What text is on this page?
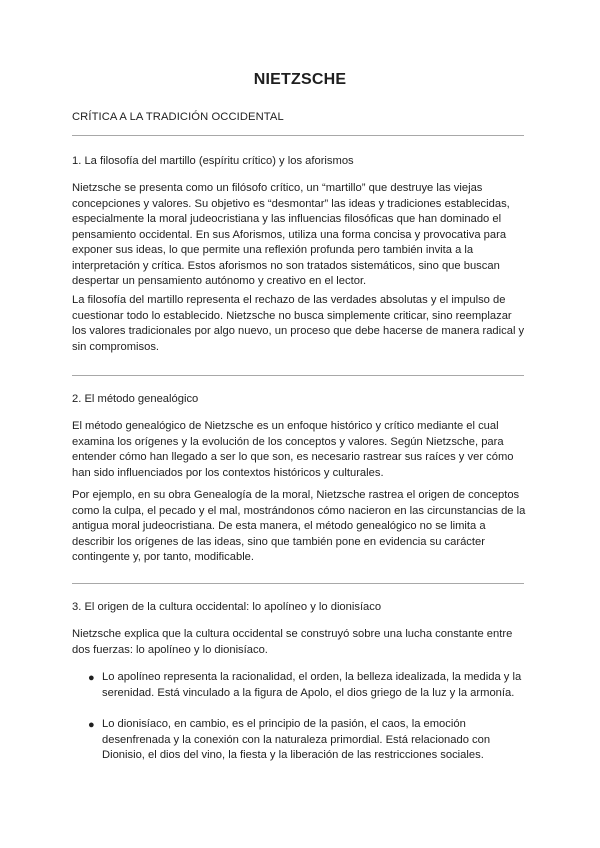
NIETZSCHE
CRÍTICA A LA TRADICIÓN OCCIDENTAL
1. La filosofía del martillo (espíritu crítico) y los aforismos

Nietzsche se presenta como un filósofo crítico, un “martillo” que destruye las viejas concepciones y valores. Su objetivo es “desmontar” las ideas y tradiciones establecidas, especialmente la moral judeocristiana y las influencias filosóficas que han dominado el pensamiento occidental. En sus Aforismos, utiliza una forma concisa y provocativa para exponer sus ideas, lo que permite una reflexión profunda pero también invita a la interpretación y crítica. Estos aforismos no son tratados sistemáticos, sino que buscan despertar un pensamiento autónomo y creativo en el lector.

La filosofía del martillo representa el rechazo de las verdades absolutas y el impulso de cuestionar todo lo establecido. Nietzsche no busca simplemente criticar, sino reemplazar los valores tradicionales por algo nuevo, un proceso que debe hacerse de manera radical y sin compromisos.

2. El método genealógico

El método genealógico de Nietzsche es un enfoque histórico y crítico mediante el cual examina los orígenes y la evolución de los conceptos y valores. Según Nietzsche, para entender cómo han llegado a ser lo que son, es necesario rastrear sus raíces y ver cómo han sido influenciados por los contextos históricos y culturales.

Por ejemplo, en su obra Genealogía de la moral, Nietzsche rastrea el origen de conceptos como la culpa, el pecado y el mal, mostrándonos cómo nacieron en las circunstancias de la antigua moral judeocristiana. De esta manera, el método genealógico no se limita a describir los orígenes de las ideas, sino que también pone en evidencia su carácter contingente y, por tanto, modificable.

3. El origen de la cultura occidental: lo apolíneo y lo dionisíaco

Nietzsche explica que la cultura occidental se construyó sobre una lucha constante entre dos fuerzas: lo apolíneo y lo dionisíaco.

● Lo apolíneo representa la racionalidad, el orden, la belleza idealizada, la medida y la serenidad. Está vinculado a la figura de Apolo, el dios griego de la luz y la armonía.
● Lo dionisíaco, en cambio, es el principio de la pasión, el caos, la emoción desenfrenada y la conexión con la naturaleza primordial. Está relacionado con Dionisio, el dios del vino, la fiesta y la liberación de las restricciones sociales.
